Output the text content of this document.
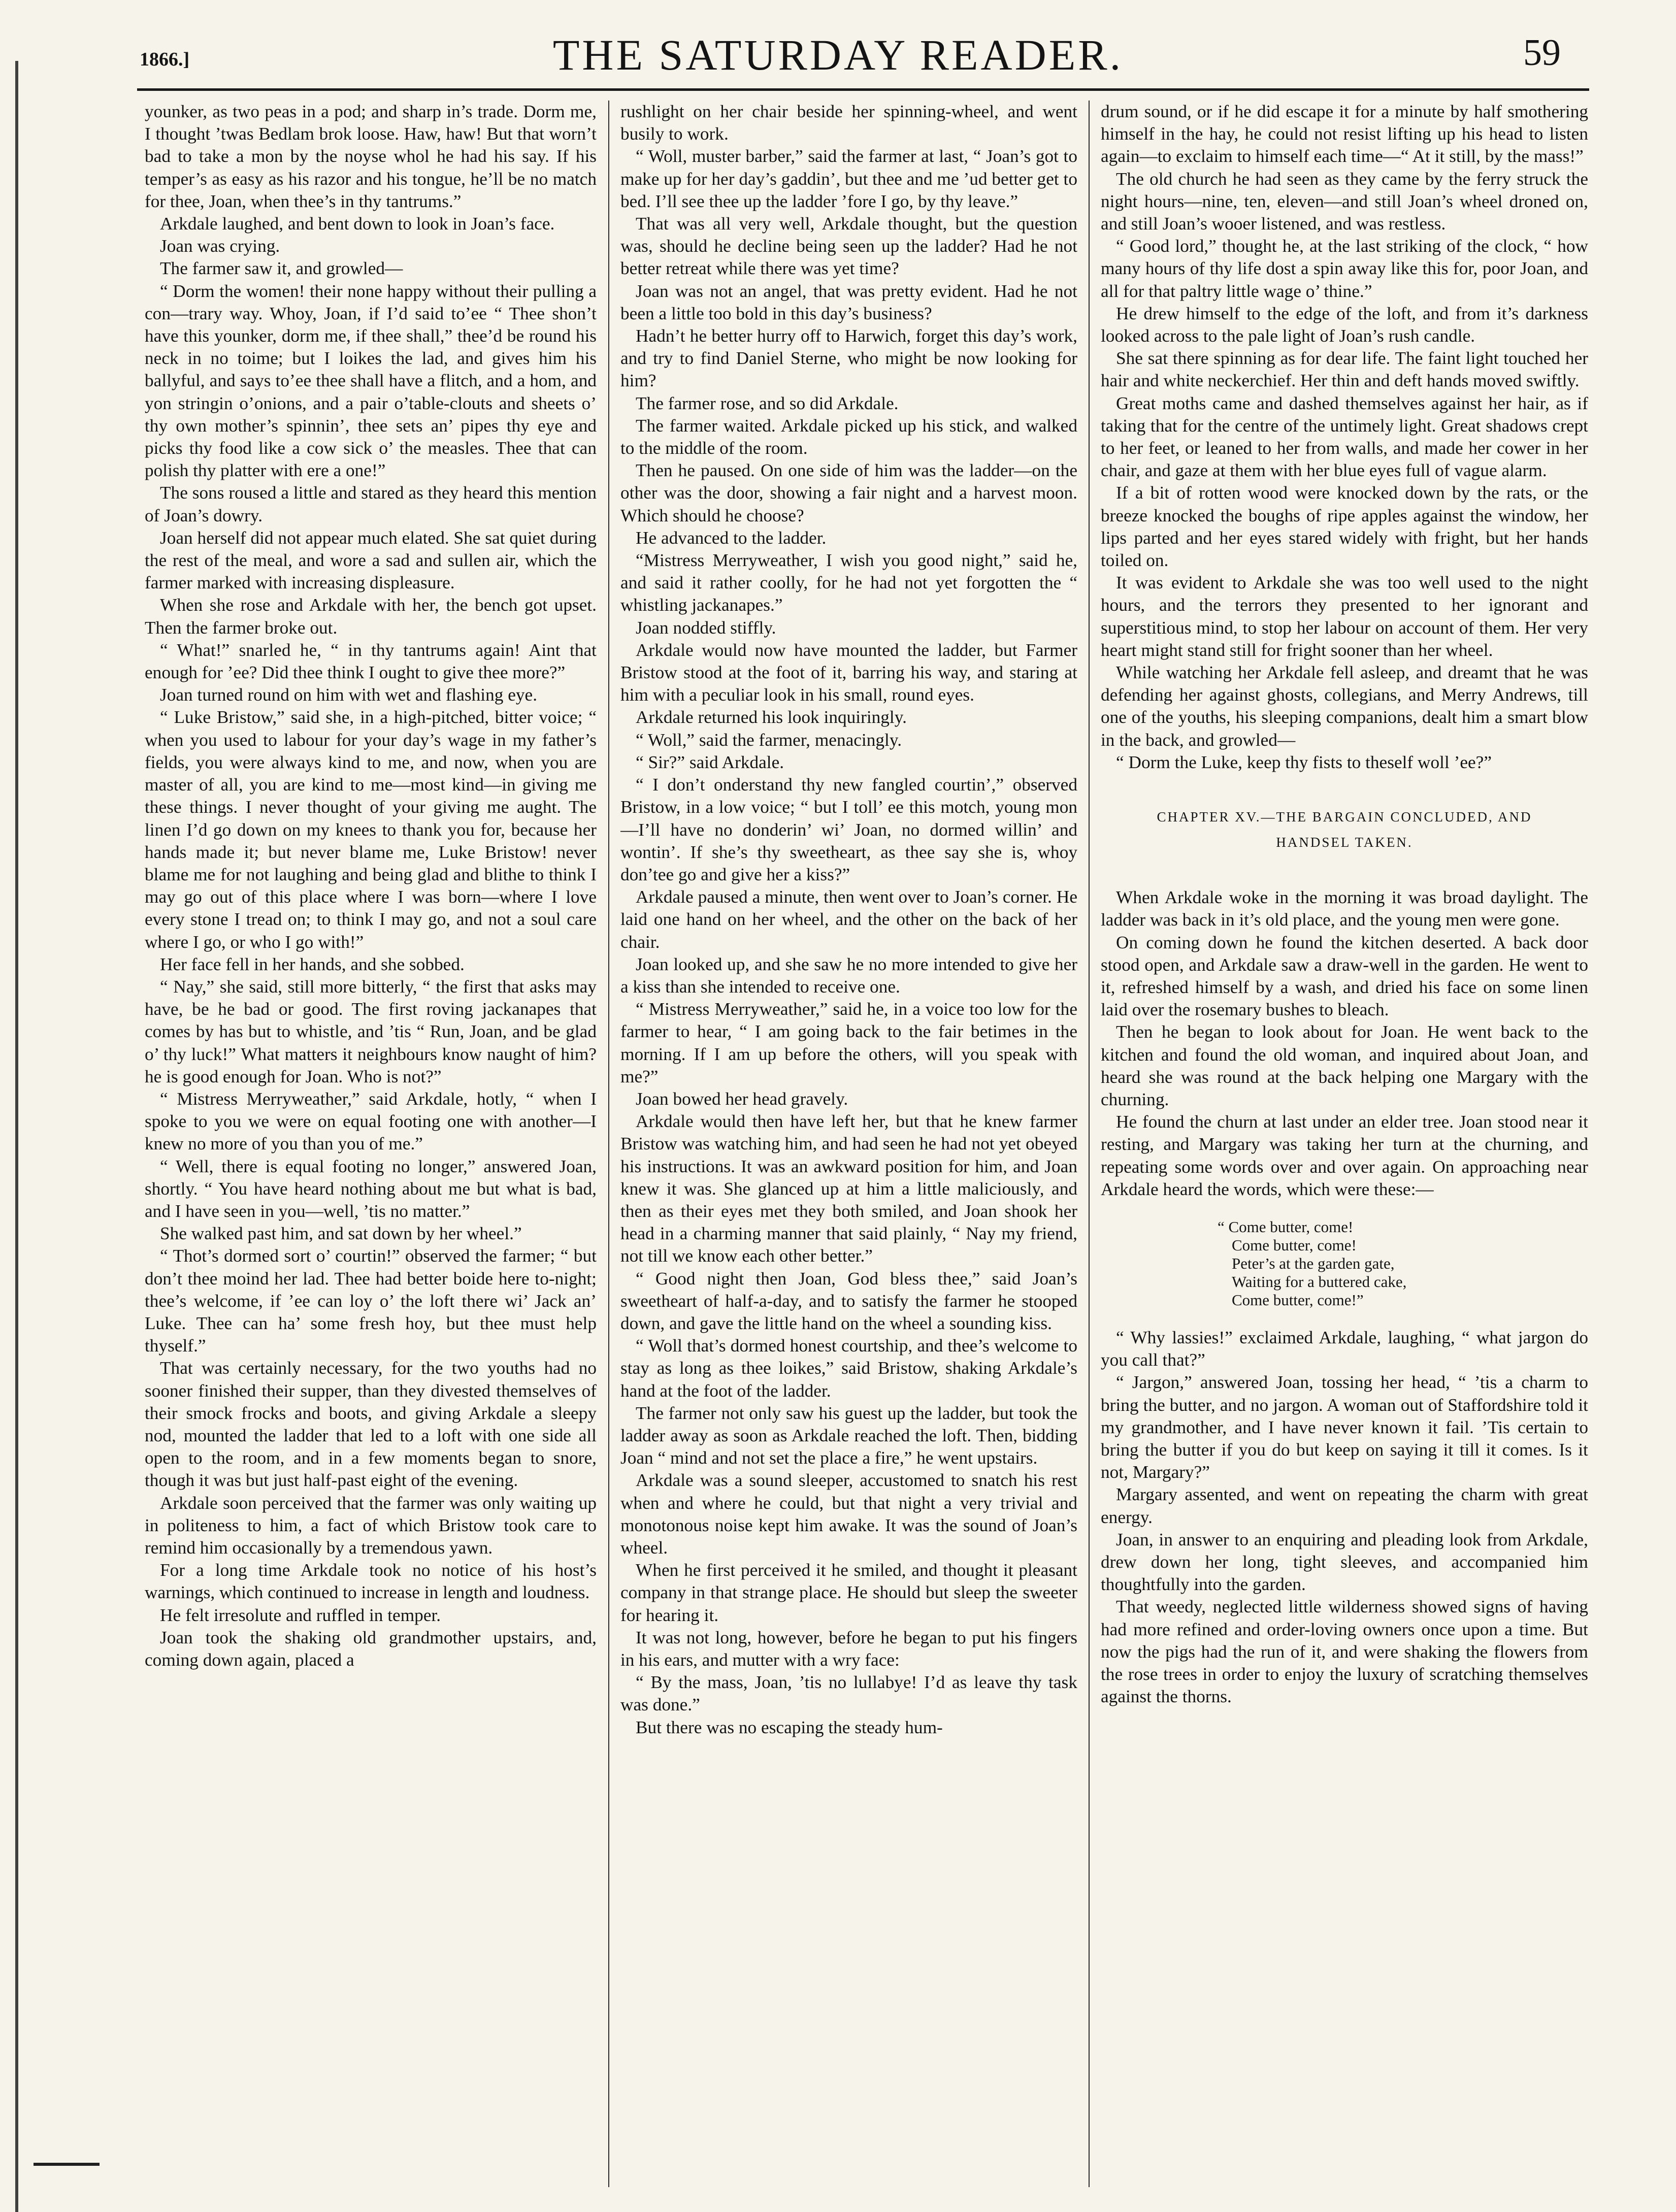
1866.]	THE SATURDAY READER.	59

younker, as two peas in a pod; and sharp in’s trade. Dorm me, I thought ’twas Bedlam brok loose. Haw, haw! But that worn’t bad to take a mon by the noyse whol he had his say. If his temper’s as easy as his razor and his tongue, he’ll be no match for thee, Joan, when thee’s in thy tantrums.”

Arkdale laughed, and bent down to look in Joan’s face.

Joan was crying.

The farmer saw it, and growled—

“ Dorm the women! their none happy without their pulling a con—trary way. Whoy, Joan, if I’d said to’ee “ Thee shon’t have this younker, dorm me, if thee shall,” thee’d be round his neck in no toime; but I loikes the lad, and gives him his ballyful, and says to’ee thee shall have a flitch, and a hom, and yon stringin o’onions, and a pair o’table-clouts and sheets o’ thy own mother’s spinnin’, thee sets an’ pipes thy eye and picks thy food like a cow sick o’ the measles. Thee that can polish thy platter with ere a one!”

The sons roused a little and stared as they heard this mention of Joan’s dowry.

Joan herself did not appear much elated. She sat quiet during the rest of the meal, and wore a sad and sullen air, which the farmer marked with increasing displeasure.

When she rose and Arkdale with her, the bench got upset. Then the farmer broke out.

“ What!” snarled he, “ in thy tantrums again! Aint that enough for ’ee? Did thee think I ought to give thee more?”

Joan turned round on him with wet and flashing eye.

“ Luke Bristow,” said she, in a high-pitched, bitter voice; “ when you used to labour for your day’s wage in my father’s fields, you were always kind to me, and now, when you are master of all, you are kind to me—most kind—in giving me these things. I never thought of your giving me aught. The linen I’d go down on my knees to thank you for, because her hands made it; but never blame me, Luke Bristow! never blame me for not laughing and being glad and blithe to think I may go out of this place where I was born—where I love every stone I tread on; to think I may go, and not a soul care where I go, or who I go with!”

Her face fell in her hands, and she sobbed.

“ Nay,” she said, still more bitterly, “ the first that asks may have, be he bad or good. The first roving jackanapes that comes by has but to whistle, and ’tis “ Run, Joan, and be glad o’ thy luck!” What matters it neighbours know naught of him? he is good enough for Joan. Who is not?”

“ Mistress Merryweather,” said Arkdale, hotly, “ when I spoke to you we were on equal footing one with another—I knew no more of you than you of me.”

“ Well, there is equal footing no longer,” answered Joan, shortly. “ You have heard nothing about me but what is bad, and I have seen in you—well, ’tis no matter.”

She walked past him, and sat down by her wheel.”

“ Thot’s dormed sort o’ courtin!” observed the farmer; “ but don’t thee moind her lad. Thee had better boide here to-night; thee’s welcome, if ’ee can loy o’ the loft there wi’ Jack an’ Luke. Thee can ha’ some fresh hoy, but thee must help thyself.”

That was certainly necessary, for the two youths had no sooner finished their supper, than they divested themselves of their smock frocks and boots, and giving Arkdale a sleepy nod, mounted the ladder that led to a loft with one side all open to the room, and in a few moments began to snore, though it was but just half-past eight of the evening.

Arkdale soon perceived that the farmer was only waiting up in politeness to him, a fact of which Bristow took care to remind him occasionally by a tremendous yawn.

For a long time Arkdale took no notice of his host’s warnings, which continued to increase in length and loudness.

He felt irresolute and ruffled in temper.

Joan took the shaking old grandmother upstairs, and, coming down again, placed a

rushlight on her chair beside her spinning-wheel, and went busily to work.

“ Woll, muster barber,” said the farmer at last, “ Joan’s got to make up for her day’s gaddin’, but thee and me ’ud better get to bed. I’ll see thee up the ladder ’fore I go, by thy leave.”

That was all very well, Arkdale thought, but the question was, should he decline being seen up the ladder? Had he not better retreat while there was yet time?

Joan was not an angel, that was pretty evident. Had he not been a little too bold in this day’s business?

Hadn’t he better hurry off to Harwich, forget this day’s work, and try to find Daniel Sterne, who might be now looking for him?

The farmer rose, and so did Arkdale.

The farmer waited. Arkdale picked up his stick, and walked to the middle of the room.

Then he paused. On one side of him was the ladder—on the other was the door, showing a fair night and a harvest moon. Which should he choose?

He advanced to the ladder.

“Mistress Merryweather, I wish you good night,” said he, and said it rather coolly, for he had not yet forgotten the “ whistling jackanapes.”

Joan nodded stiffly.

Arkdale would now have mounted the ladder, but Farmer Bristow stood at the foot of it, barring his way, and staring at him with a peculiar look in his small, round eyes.

Arkdale returned his look inquiringly.

“ Woll,” said the farmer, menacingly.

“ Sir?” said Arkdale.

“ I don’t onderstand thy new fangled courtin’,” observed Bristow, in a low voice; “ but I toll’ ee this motch, young mon—I’ll have no donderin’ wi’ Joan, no dormed willin’ and wontin’. If she’s thy sweetheart, as thee say she is, whoy don’tee go and give her a kiss?”

Arkdale paused a minute, then went over to Joan’s corner. He laid one hand on her wheel, and the other on the back of her chair.

Joan looked up, and she saw he no more intended to give her a kiss than she intended to receive one.

“ Mistress Merryweather,” said he, in a voice too low for the farmer to hear, “ I am going back to the fair betimes in the morning. If I am up before the others, will you speak with me?”

Joan bowed her head gravely.

Arkdale would then have left her, but that he knew farmer Bristow was watching him, and had seen he had not yet obeyed his instructions. It was an awkward position for him, and Joan knew it was. She glanced up at him a little maliciously, and then as their eyes met they both smiled, and Joan shook her head in a charming manner that said plainly, “ Nay my friend, not till we know each other better.”

“ Good night then Joan, God bless thee,” said Joan’s sweetheart of half-a-day, and to satisfy the farmer he stooped down, and gave the little hand on the wheel a sounding kiss.

“ Woll that’s dormed honest courtship, and thee’s welcome to stay as long as thee loikes,” said Bristow, shaking Arkdale’s hand at the foot of the ladder.

The farmer not only saw his guest up the ladder, but took the ladder away as soon as Arkdale reached the loft. Then, bidding Joan “ mind and not set the place a fire,” he went upstairs.

Arkdale was a sound sleeper, accustomed to snatch his rest when and where he could, but that night a very trivial and monotonous noise kept him awake. It was the sound of Joan’s wheel.

When he first perceived it he smiled, and thought it pleasant company in that strange place. He should but sleep the sweeter for hearing it.

It was not long, however, before he began to put his fingers in his ears, and mutter with a wry face:

“ By the mass, Joan, ’tis no lullabye! I’d as leave thy task was done.”

But there was no escaping the steady hum-

drum sound, or if he did escape it for a minute by half smothering himself in the hay, he could not resist lifting up his head to listen again—to exclaim to himself each time—“ At it still, by the mass!”

The old church he had seen as they came by the ferry struck the night hours—nine, ten, eleven—and still Joan’s wheel droned on, and still Joan’s wooer listened, and was restless.

“ Good lord,” thought he, at the last striking of the clock, “ how many hours of thy life dost a spin away like this for, poor Joan, and all for that paltry little wage o’ thine.”

He drew himself to the edge of the loft, and from it’s darkness looked across to the pale light of Joan’s rush candle.

She sat there spinning as for dear life. The faint light touched her hair and white neckerchief. Her thin and deft hands moved swiftly.

Great moths came and dashed themselves against her hair, as if taking that for the centre of the untimely light. Great shadows crept to her feet, or leaned to her from walls, and made her cower in her chair, and gaze at them with her blue eyes full of vague alarm.

If a bit of rotten wood were knocked down by the rats, or the breeze knocked the boughs of ripe apples against the window, her lips parted and her eyes stared widely with fright, but her hands toiled on.

It was evident to Arkdale she was too well used to the night hours, and the terrors they presented to her ignorant and superstitious mind, to stop her labour on account of them. Her very heart might stand still for fright sooner than her wheel.

While watching her Arkdale fell asleep, and dreamt that he was defending her against ghosts, collegians, and Merry Andrews, till one of the youths, his sleeping companions, dealt him a smart blow in the back, and growled—

“ Dorm the Luke, keep thy fists to theself woll ’ee?”

CHAPTER XV.—THE BARGAIN CONCLUDED, AND
HANDSEL TAKEN.

When Arkdale woke in the morning it was broad daylight. The ladder was back in it’s old place, and the young men were gone.

On coming down he found the kitchen deserted. A back door stood open, and Arkdale saw a draw-well in the garden. He went to it, refreshed himself by a wash, and dried his face on some linen laid over the rosemary bushes to bleach.

Then he began to look about for Joan. He went back to the kitchen and found the old woman, and inquired about Joan, and heard she was round at the back helping one Margary with the churning.

He found the churn at last under an elder tree. Joan stood near it resting, and Margary was taking her turn at the churning, and repeating some words over and over again. On approaching near Arkdale heard the words, which were these:—

“ Come butter, come!
Come butter, come!
Peter’s at the garden gate,
Waiting for a buttered cake,
Come butter, come!”

“ Why lassies!” exclaimed Arkdale, laughing, “ what jargon do you call that?”

“ Jargon,” answered Joan, tossing her head, “ ’tis a charm to bring the butter, and no jargon. A woman out of Staffordshire told it my grandmother, and I have never known it fail. ’Tis certain to bring the butter if you do but keep on saying it till it comes. Is it not, Margary?”

Margary assented, and went on repeating the charm with great energy.

Joan, in answer to an enquiring and pleading look from Arkdale, drew down her long, tight sleeves, and accompanied him thoughtfully into the garden.

That weedy, neglected little wilderness showed signs of having had more refined and order-loving owners once upon a time. But now the pigs had the run of it, and were shaking the flowers from the rose trees in order to enjoy the luxury of scratching themselves against the thorns.
